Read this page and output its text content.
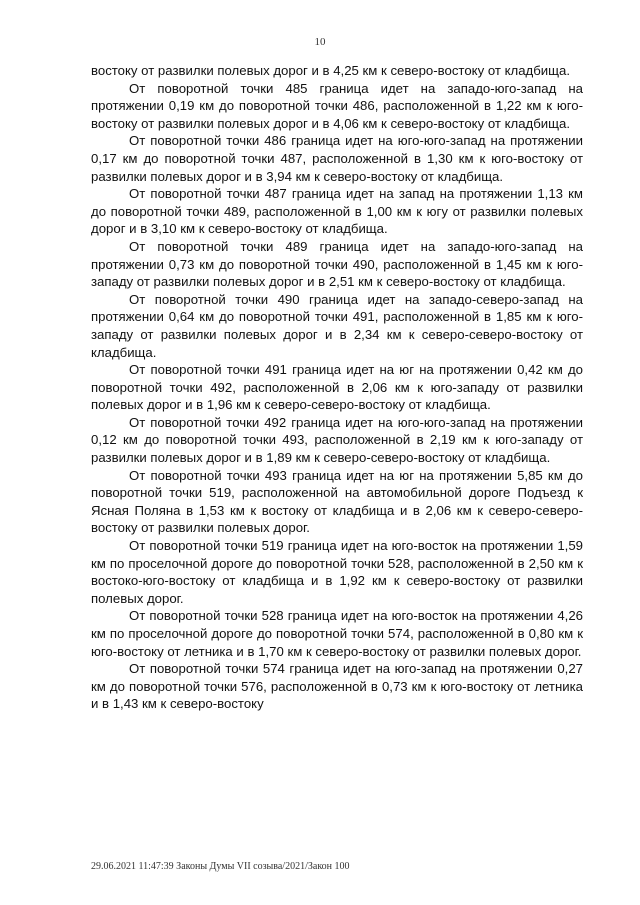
10

востоку от развилки полевых дорог и в 4,25 км к северо-востоку от кладбища.

От поворотной точки 485 граница идет на западо-юго-запад на протяжении 0,19 км до поворотной точки 486, расположенной в 1,22 км к юго-востоку от развилки полевых дорог и в 4,06 км к северо-востоку от кладбища.

От поворотной точки 486 граница идет на юго-юго-запад на протяжении 0,17 км до поворотной точки 487, расположенной в 1,30 км к юго-востоку от развилки полевых дорог и в 3,94 км к северо-востоку от кладбища.

От поворотной точки 487 граница идет на запад на протяжении 1,13 км до поворотной точки 489, расположенной в 1,00 км к югу от развилки полевых дорог и в 3,10 км к северо-востоку от кладбища.

От поворотной точки 489 граница идет на западо-юго-запад на протяжении 0,73 км до поворотной точки 490, расположенной в 1,45 км к юго-западу от развилки полевых дорог и в 2,51 км к северо-востоку от кладбища.

От поворотной точки 490 граница идет на западо-северо-запад на протяжении 0,64 км до поворотной точки 491, расположенной в 1,85 км к юго-западу от развилки полевых дорог и в 2,34 км к северо-северо-востоку от кладбища.

От поворотной точки 491 граница идет на юг на протяжении 0,42 км до поворотной точки 492, расположенной в 2,06 км к юго-западу от развилки полевых дорог и в 1,96 км к северо-северо-востоку от кладбища.

От поворотной точки 492 граница идет на юго-юго-запад на протяжении 0,12 км до поворотной точки 493, расположенной в 2,19 км к юго-западу от развилки полевых дорог и в 1,89 км к северо-северо-востоку от кладбища.

От поворотной точки 493 граница идет на юг на протяжении 5,85 км до поворотной точки 519, расположенной на автомобильной дороге Подъезд к Ясная Поляна в 1,53 км к востоку от кладбища и в 2,06 км к северо-северо-востоку от развилки полевых дорог.

От поворотной точки 519 граница идет на юго-восток на протяжении 1,59 км по проселочной дороге до поворотной точки 528, расположенной в 2,50 км к востоко-юго-востоку от кладбища и в 1,92 км к северо-востоку от развилки полевых дорог.

От поворотной точки 528 граница идет на юго-восток на протяжении 4,26 км по проселочной дороге до поворотной точки 574, расположенной в 0,80 км к юго-востоку от летника и в 1,70 км к северо-востоку от развилки полевых дорог.

От поворотной точки 574 граница идет на юго-запад на протяжении 0,27 км до поворотной точки 576, расположенной в 0,73 км к юго-востоку от летника и в 1,43 км к северо-востоку

29.06.2021 11:47:39 Законы Думы VII созыва/2021/Закон 100
